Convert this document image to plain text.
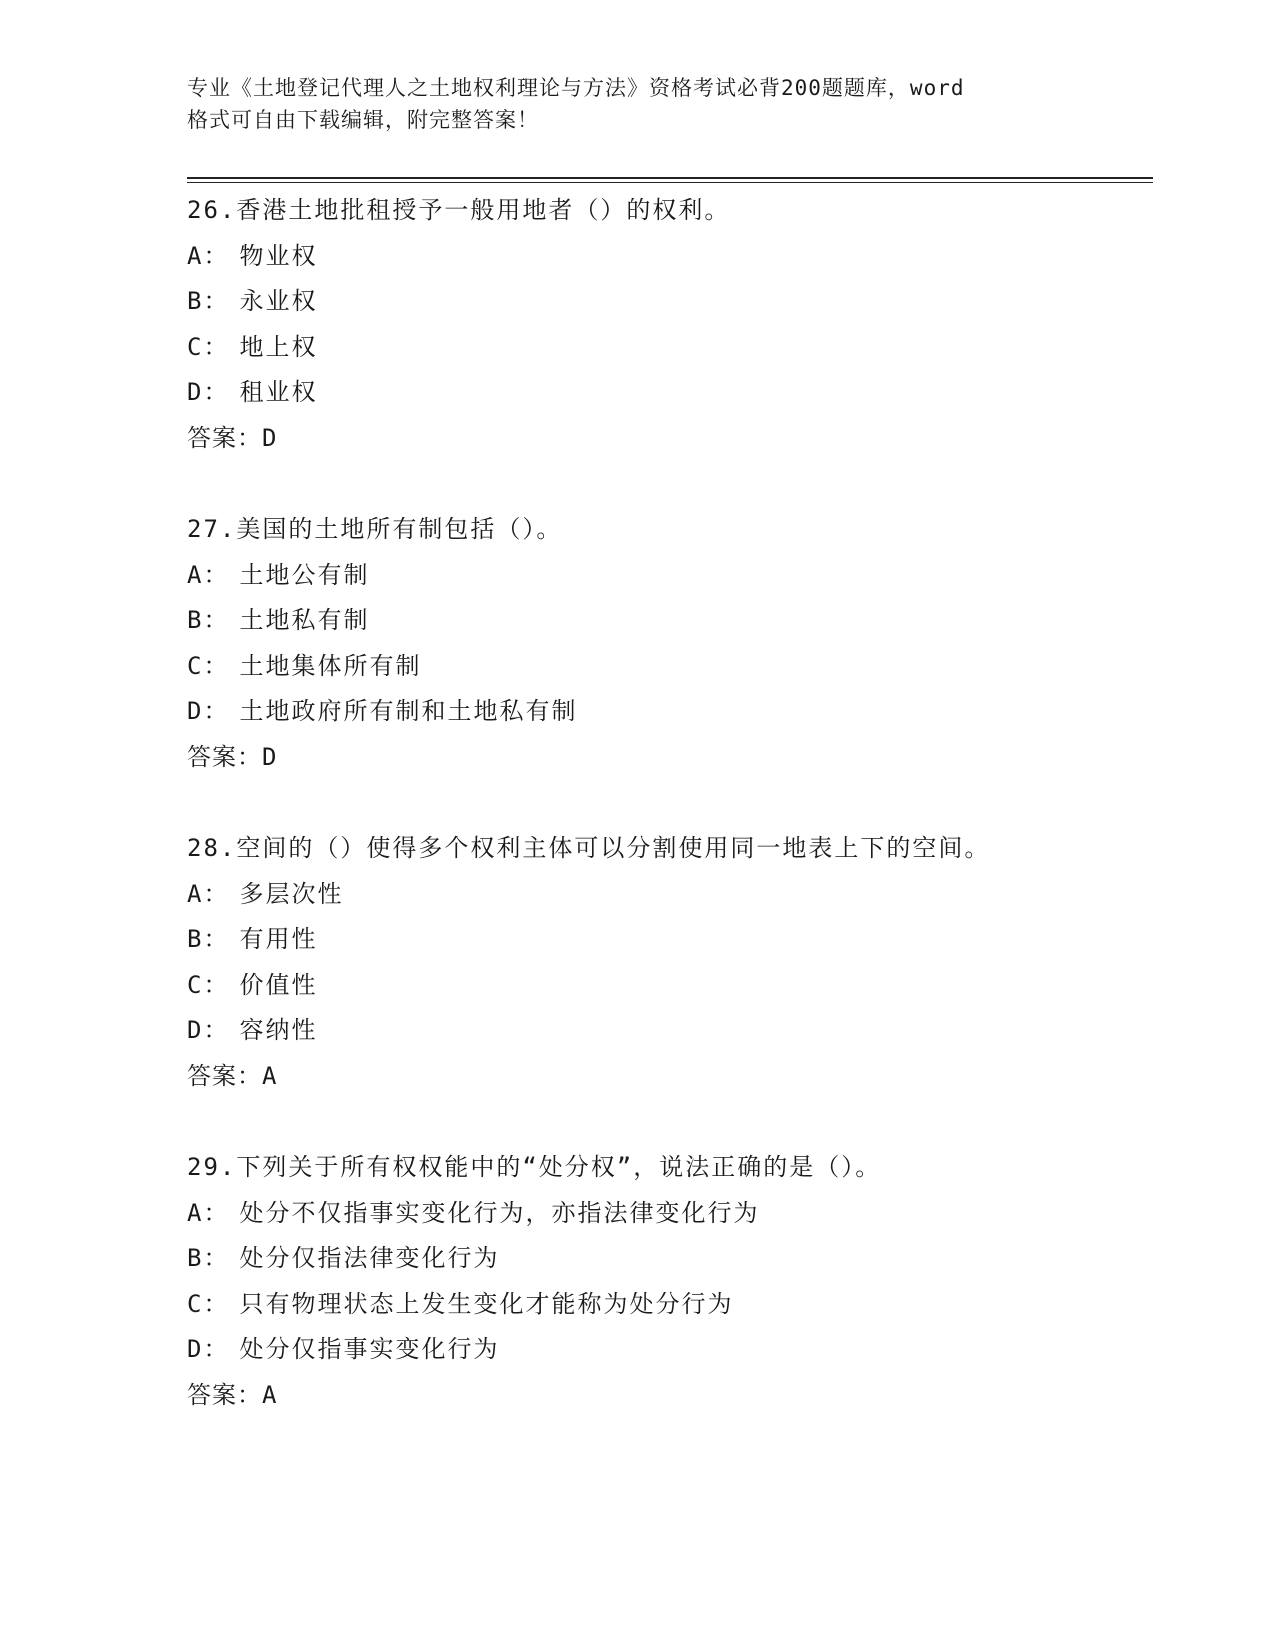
专业《土地登记代理人之土地权利理论与方法》资格考试必背200题题库，word
格式可自由下载编辑，附完整答案！
26.香港土地批租授予一般用地者（）的权利。
A： 物业权
B： 永业权
C： 地上权
D： 租业权
答案：D
27.美国的土地所有制包括（）。
A： 土地公有制
B： 土地私有制
C： 土地集体所有制
D： 土地政府所有制和土地私有制
答案：D
28.空间的（）使得多个权利主体可以分割使用同一地表上下的空间。
A： 多层次性
B： 有用性
C： 价值性
D： 容纳性
答案：A
29.下列关于所有权权能中的“处分权”，说法正确的是（）。
A： 处分不仅指事实变化行为，亦指法律变化行为
B： 处分仅指法律变化行为
C： 只有物理状态上发生变化才能称为处分行为
D： 处分仅指事实变化行为
答案：A
